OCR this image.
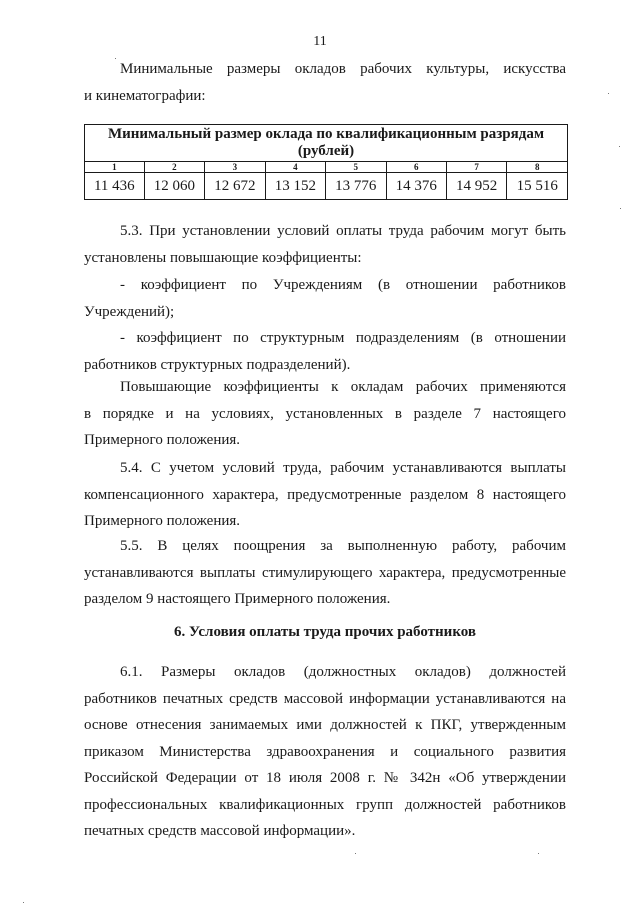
11
Минимальные размеры окладов рабочих культуры, искусства
и кинематографии:
Минимальный размер оклада по квалификационным разрядам (рублей)							
1	2	3	4	5	6	7	8
11 436	12 060	12 672	13 152	13 776	14 376	14 952	15 516
5.3. При установлении условий оплаты труда рабочим могут быть
установлены повышающие коэффициенты:
- коэффициент по Учреждениям (в отношении работников
Учреждений);
- коэффициент по структурным подразделениям (в отношении
работников структурных подразделений).
Повышающие коэффициенты к окладам рабочих применяются
в порядке и на условиях, установленных в разделе 7 настоящего
Примерного положения.
5.4. С учетом условий труда, рабочим устанавливаются выплаты
компенсационного характера, предусмотренные разделом 8 настоящего
Примерного положения.
5.5. В целях поощрения за выполненную работу, рабочим
устанавливаются выплаты стимулирующего характера, предусмотренные
разделом 9 настоящего Примерного положения.
6. Условия оплаты труда прочих работников
6.1. Размеры окладов (должностных окладов) должностей
работников печатных средств массовой информации устанавливаются на
основе отнесения занимаемых ими должностей к ПКГ, утвержденным
приказом Министерства здравоохранения и социального развития
Российской Федерации от 18 июля 2008 г. № 342н «Об утверждении
профессиональных квалификационных групп должностей работников
печатных средств массовой информации».
